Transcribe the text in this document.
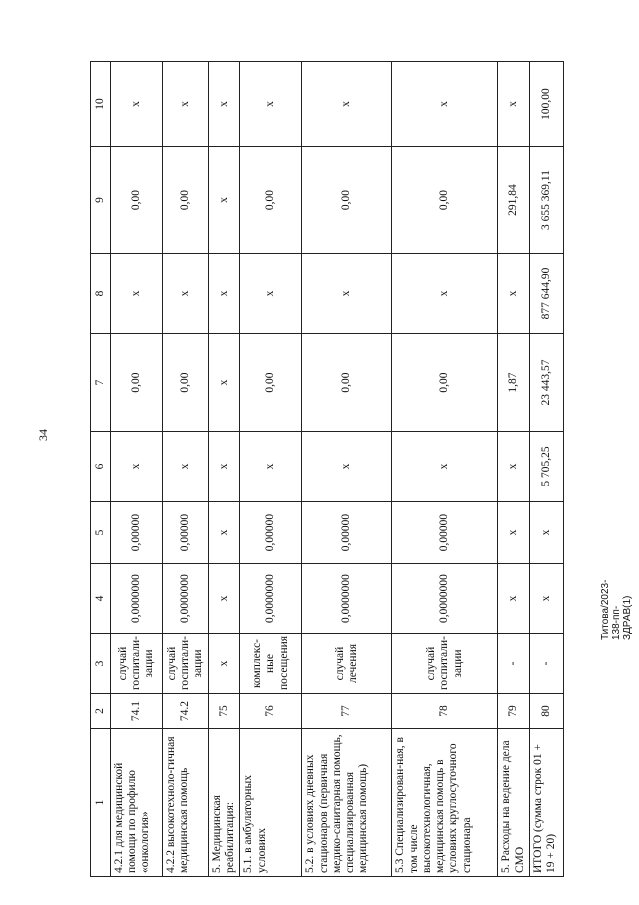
34
Титова/2023-138-пп-ЗДРАВ(1)
1	2	3	4	5	6	7	8	9	10
4.2.1 для медицинской помощи по профилю «онкология»	74.1	случай госпитали-зации	0,0000000	0,00000	x	0,00	x	0,00	x
4.2.2 высокотехноло-гичная медицинская помощь	74.2	случай госпитали-зации	0,0000000	0,00000	x	0,00	x	0,00	x
5. Медицинская реабилитация:	75	x	x	x	x	x	x	x	x
5.1. в амбулаторных условиях	76	комплекс-ные посещения	0,0000000	0,00000	x	0,00	x	0,00	x
5.2. в условиях дневных стационаров (первичная медико-санитарная помощь, специализированная медицинская помощь)	77	случай лечения	0,0000000	0,00000	x	0,00	x	0,00	x
5.3 Специализирован-ная, в том числе высокотехнологичная, медицинская помощь в условиях круглосуточного стационара	78	случай госпитали-зации	0,0000000	0,00000	x	0,00	x	0,00	x
5. Расходы на ведение дела СМО	79	-	x	x	x	1,87	x	291,84	x
ИТОГО (сумма строк 01 + 19 + 20)	80	-	x	x	5 705,25	23 443,57	877 644,90	3 655 369,11	100,00
